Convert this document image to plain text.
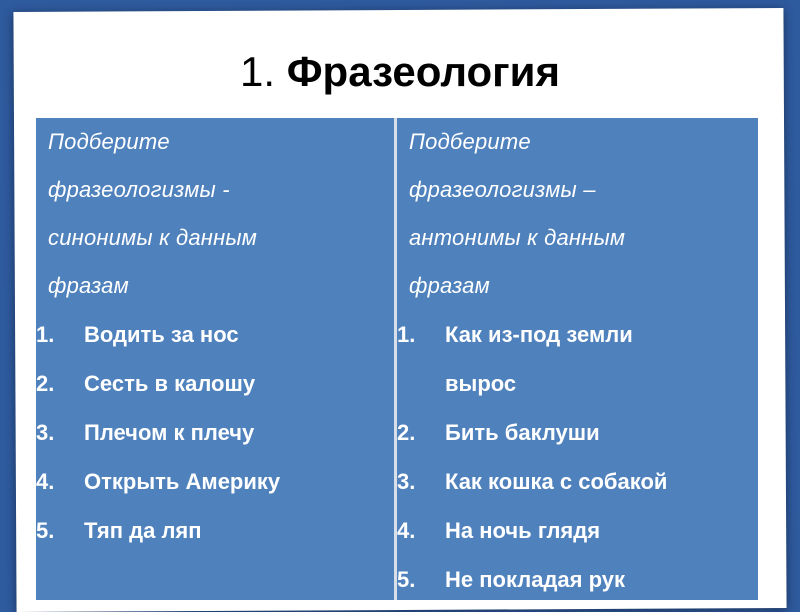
1. Фразеология
Подберите
фразеологизмы -
синонимы к данным
фразам
1.	Водить за нос
2.	Сесть в калошу
3.	Плечом к плечу
4.	Открыть Америку
5.	Тяп да ляп
Подберите
фразеологизмы –
антонимы к данным
фразам
1.	Как из-под земли
вырос
2.	Бить баклуши
3.	Как кошка с собакой
4.	На ночь глядя
5.	Не покладая рук
